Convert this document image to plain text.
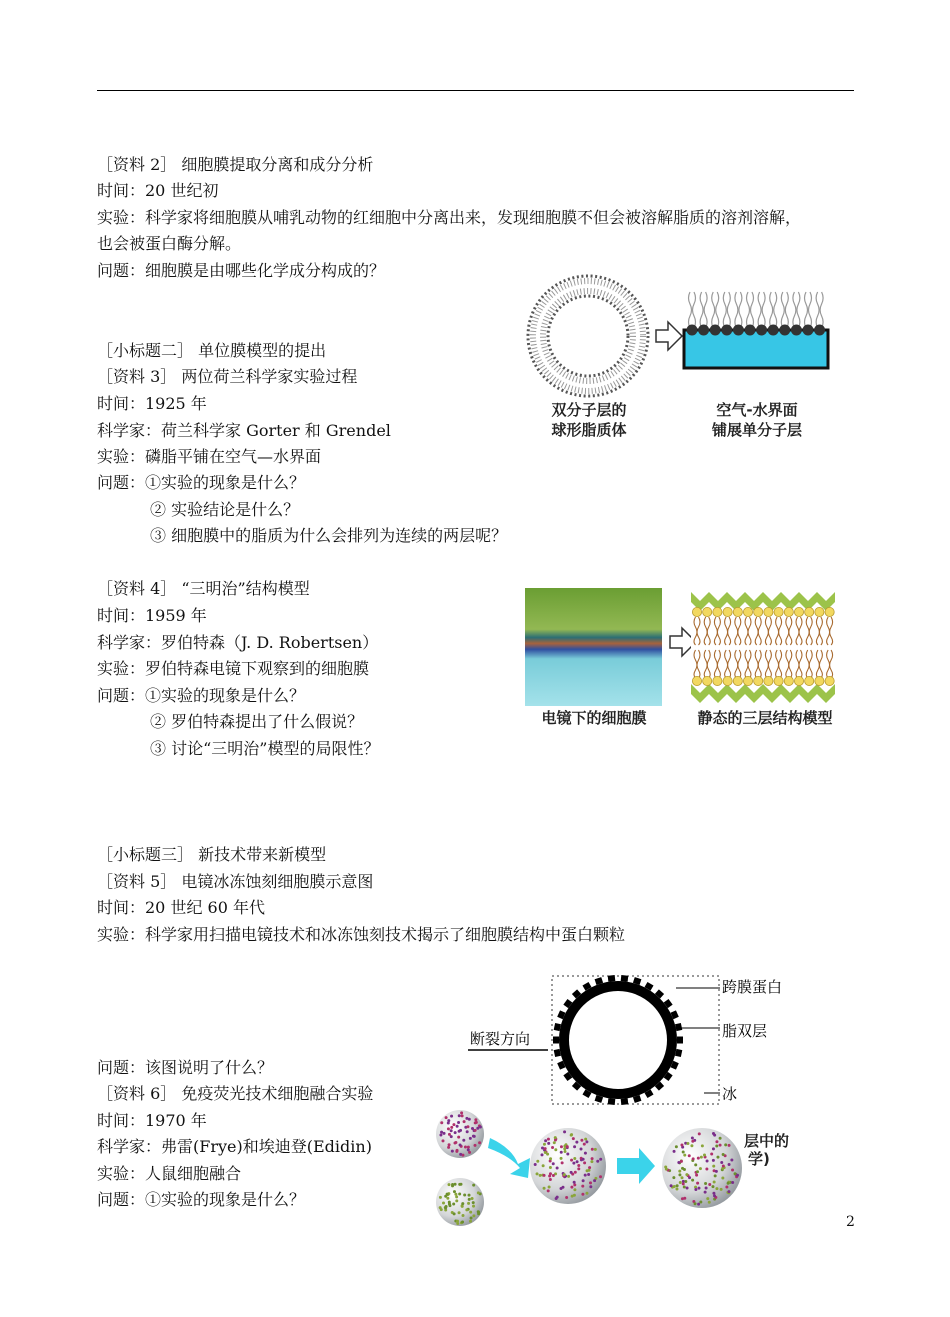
［资料 2］ 细胞膜提取分离和成分分析
时间：20 世纪初
实验：科学家将细胞膜从哺乳动物的红细胞中分离出来，发现细胞膜不但会被溶解脂质的溶剂溶解，
也会被蛋白酶分解。
问题：细胞膜是由哪些化学成分构成的？
［小标题二］ 单位膜模型的提出
［资料 3］ 两位荷兰科学家实验过程
时间：1925 年
科学家：荷兰科学家 Gorter 和 Grendel
实验：磷脂平铺在空气—水界面
问题：①实验的现象是什么？
② 实验结论是什么？
③ 细胞膜中的脂质为什么会排列为连续的两层呢？
［资料 4］ “三明治”结构模型
时间：1959 年
科学家：罗伯特森（J. D. Robertsen）
实验：罗伯特森电镜下观察到的细胞膜
问题：①实验的现象是什么？
② 罗伯特森提出了什么假说？
③ 讨论“三明治”模型的局限性？
［小标题三］ 新技术带来新模型
［资料 5］ 电镜冰冻蚀刻细胞膜示意图
时间：20 世纪 60 年代
实验：科学家用扫描电镜技术和冰冻蚀刻技术揭示了细胞膜结构中蛋白颗粒
问题：该图说明了什么？
［资料 6］ 免疫荧光技术细胞融合实验
时间：1970 年
科学家：弗雷(Frye)和埃迪登(Edidin)
实验：人鼠细胞融合
问题：①实验的现象是什么？
双分子层的
球形脂质体
空气-水界面
铺展单分子层
电镜下的细胞膜	静态的三层结构模型
跨膜蛋白
脂双层
冰
断裂方向
层中的
学)
2
